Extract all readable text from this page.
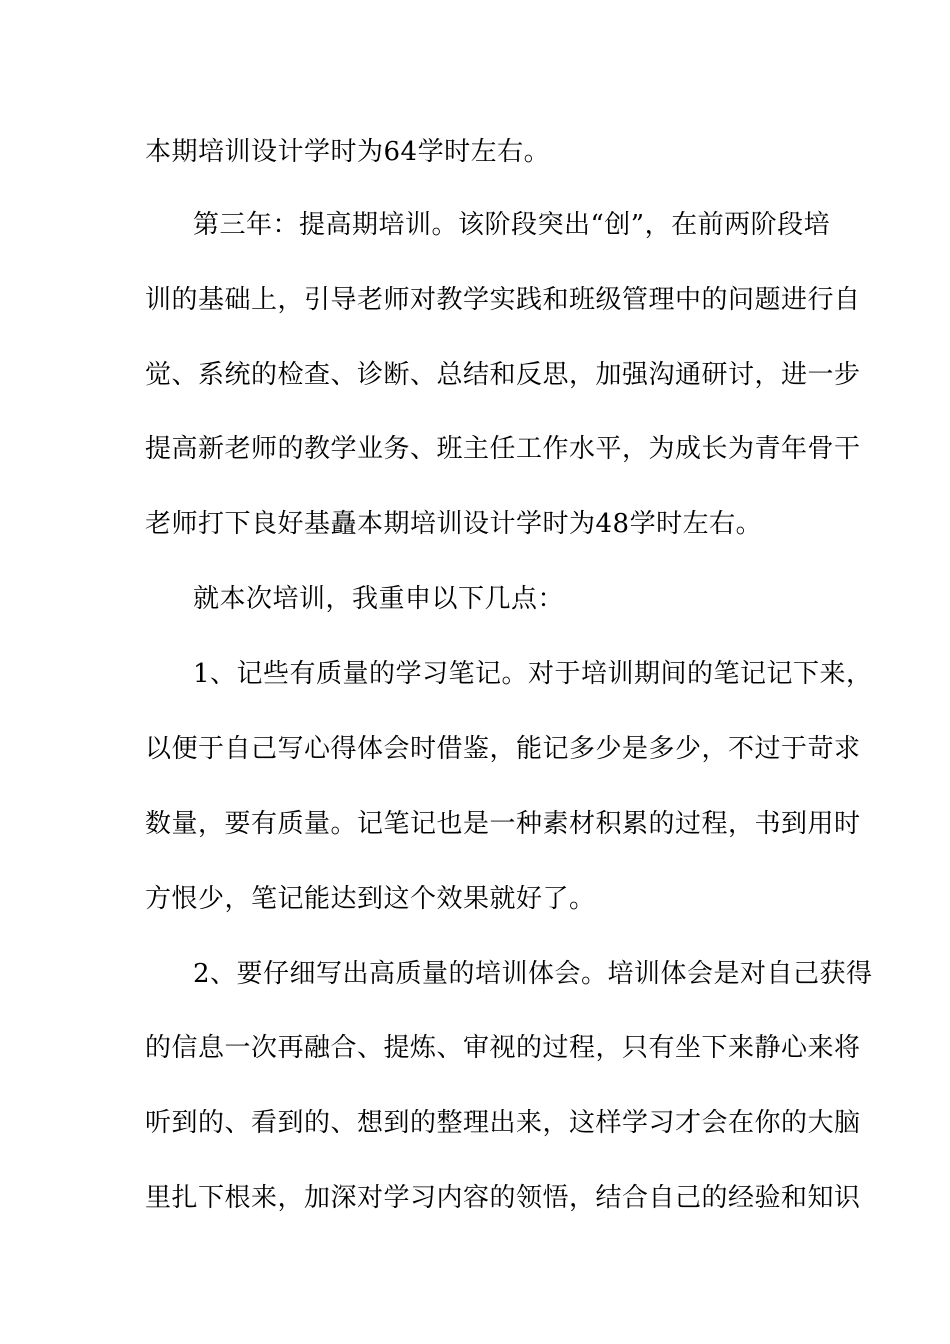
本期培训设计学时为64学时左右。
第三年：提高期培训。该阶段突出“创”，在前两阶段培
训的基础上，引导老师对教学实践和班级管理中的问题进行自
觉、系统的检查、诊断、总结和反思，加强沟通研讨，进一步
提高新老师的教学业务、班主任工作水平，为成长为青年骨干
老师打下良好基矗本期培训设计学时为48学时左右。
就本次培训，我重申以下几点：
1、记些有质量的学习笔记。对于培训期间的笔记记下来，
以便于自己写心得体会时借鉴，能记多少是多少，不过于苛求
数量，要有质量。记笔记也是一种素材积累的过程，书到用时
方恨少，笔记能达到这个效果就好了。
2、要仔细写出高质量的培训体会。培训体会是对自己获得
的信息一次再融合、提炼、审视的过程，只有坐下来静心来将
听到的、看到的、想到的整理出来，这样学习才会在你的大脑
里扎下根来，加深对学习内容的领悟，结合自己的经验和知识
